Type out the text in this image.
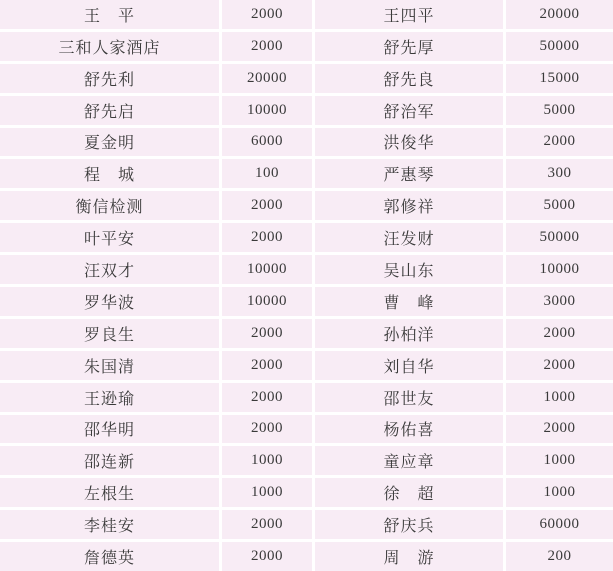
王　平	2000	王四平	20000
三和人家酒店	2000	舒先厚	50000
舒先利	20000	舒先良	15000
舒先启	10000	舒治军	5000
夏金明	6000	洪俊华	2000
程　城	100	严惠琴	300
衡信检测	2000	郭修祥	5000
叶平安	2000	汪发财	50000
汪双才	10000	吴山东	10000
罗华波	10000	曹　峰	3000
罗良生	2000	孙柏洋	2000
朱国清	2000	刘自华	2000
王逊瑜	2000	邵世友	1000
邵华明	2000	杨佑喜	2000
邵连新	1000	童应章	1000
左根生	1000	徐　超	1000
李桂安	2000	舒庆兵	60000
詹德英	2000	周　游	200
